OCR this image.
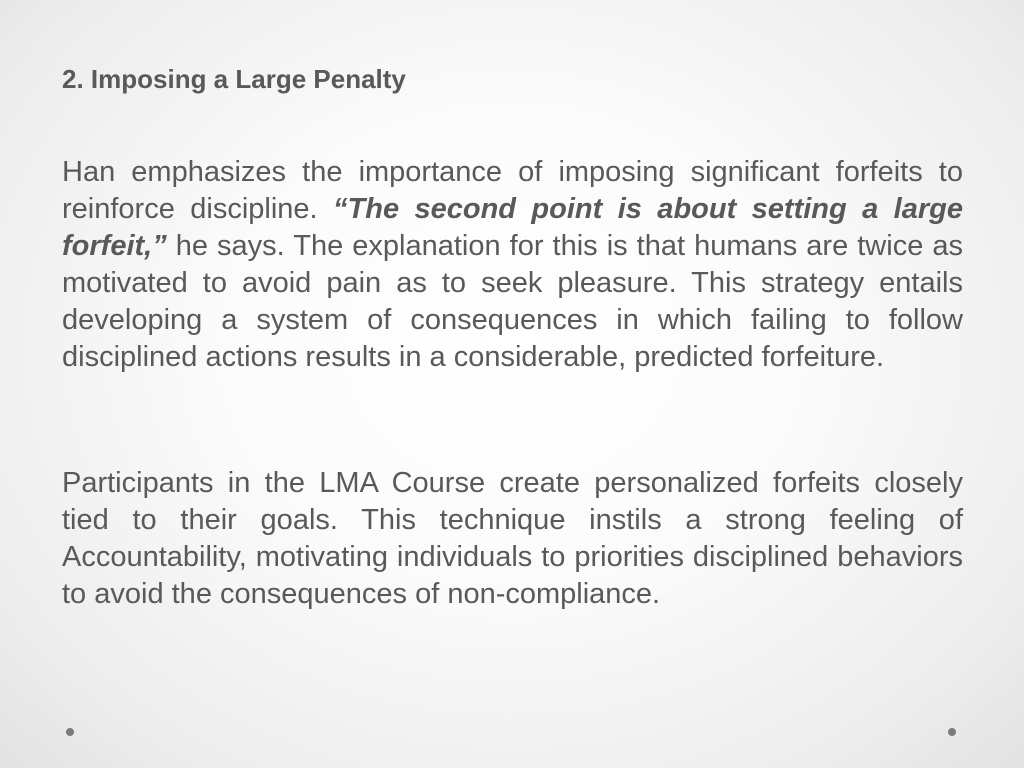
2. Imposing a Large Penalty

Han emphasizes the importance of imposing significant forfeits to reinforce discipline. “The second point is about setting a large forfeit,” he says. The explanation for this is that humans are twice as motivated to avoid pain as to seek pleasure. This strategy entails developing a system of consequences in which failing to follow disciplined actions results in a considerable, predicted forfeiture.

Participants in the LMA Course create personalized forfeits closely tied to their goals. This technique instils a strong feeling of Accountability, motivating individuals to priorities disciplined behaviors to avoid the consequences of non-compliance.
